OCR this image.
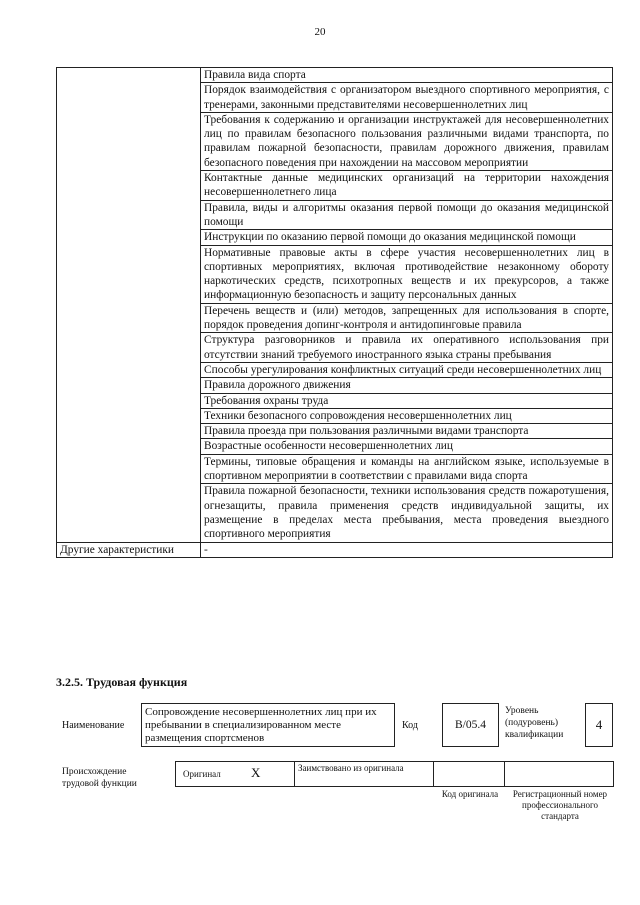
20
	Правила вида спорта
	Порядок взаимодействия с организатором выездного спортивного мероприятия, с тренерами, законными представителями несовершеннолетних лиц
	Требования к содержанию и организации инструктажей для несовершеннолетних лиц по правилам безопасного пользования различными видами транспорта, по правилам пожарной безопасности, правилам дорожного движения, правилам безопасного поведения при нахождении на массовом мероприятии
	Контактные данные медицинских организаций на территории нахождения несовершеннолетнего лица
	Правила, виды и алгоритмы оказания первой помощи до оказания медицинской помощи
	Инструкции по оказанию первой помощи до оказания медицинской помощи
	Нормативные правовые акты в сфере участия несовершеннолетних лиц в спортивных мероприятиях, включая противодействие незаконному обороту наркотических средств, психотропных веществ и их прекурсоров, а также информационную безопасность и защиту персональных данных
	Перечень веществ и (или) методов, запрещенных для использования в спорте, порядок проведения допинг-контроля и антидопинговые правила
	Структура разговорников и правила их оперативного использования при отсутствии знаний требуемого иностранного языка страны пребывания
	Способы урегулирования конфликтных ситуаций среди несовершеннолетних лиц
	Правила дорожного движения
	Требования охраны труда
	Техники безопасного сопровождения несовершеннолетних лиц
	Правила проезда при пользования различными видами транспорта
	Возрастные особенности несовершеннолетних лиц
	Термины, типовые обращения и команды на английском языке, используемые в спортивном мероприятии в соответствии с правилами вида спорта
	Правила пожарной безопасности, техники использования средств пожаротушения, огнезащиты, правила применения средств индивидуальной защиты, их размещение в пределах места пребывания, места проведения выездного спортивного мероприятия
Другие характеристики	-
3.2.5. Трудовая функция
Наименование
Сопровождение несовершеннолетних лиц при их пребывании в специализированном месте размещения спортсменов
Код	B/05.4
Уровень (подуровень) квалификации
4
Происхождение трудовой функции
Оригинал X	Заимствовано из оригинала
Код оригинала	Регистрационный номер профессионального стандарта
